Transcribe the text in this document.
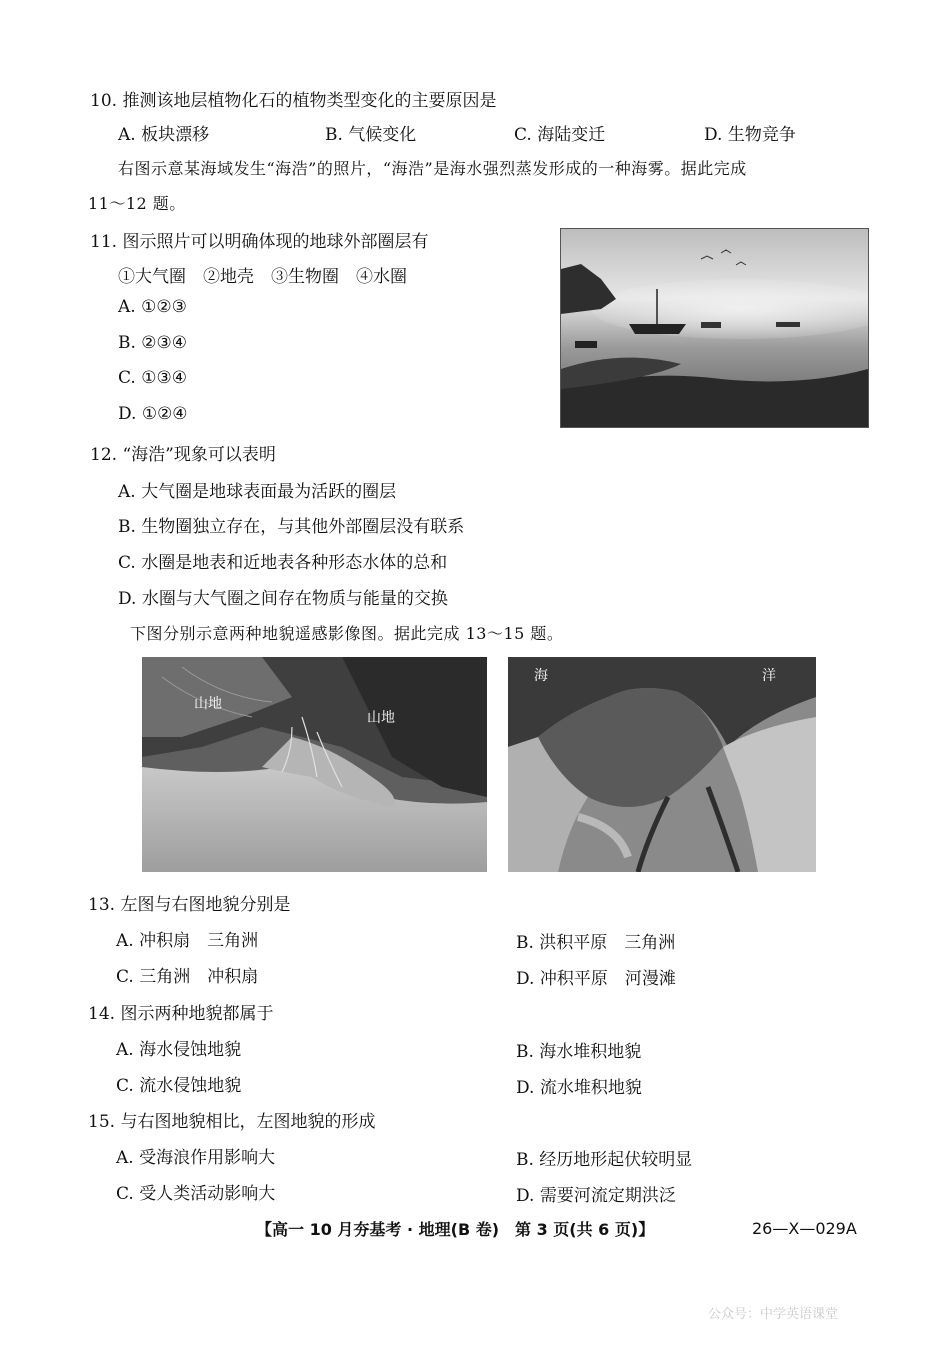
10. 推测该地层植物化石的植物类型变化的主要原因是
A. 板块漂移	B. 气候变化	C. 海陆变迁	D. 生物竞争
右图示意某海域发生“海浩”的照片，“海浩”是海水强烈蒸发形成的一种海雾。据此完成
11～12 题。
11. 图示照片可以明确体现的地球外部圈层有
①大气圈　②地壳　③生物圈　④水圈
A. ①②③
B. ②③④
C. ①③④
D. ①②④
12. “海浩”现象可以表明
A. 大气圈是地球表面最为活跃的圈层
B. 生物圈独立存在，与其他外部圈层没有联系
C. 水圈是地表和近地表各种形态水体的总和
D. 水圈与大气圈之间存在物质与能量的交换
下图分别示意两种地貌遥感影像图。据此完成 13～15 题。
山地
山地
海	洋
13. 左图与右图地貌分别是
A. 冲积扇　三角洲	B. 洪积平原　三角洲
C. 三角洲　冲积扇	D. 冲积平原　河漫滩
14. 图示两种地貌都属于
A. 海水侵蚀地貌	B. 海水堆积地貌
C. 流水侵蚀地貌	D. 流水堆积地貌
15. 与右图地貌相比，左图地貌的形成
A. 受海浪作用影响大	B. 经历地形起伏较明显
C. 受人类活动影响大	D. 需要河流定期洪泛
【高一 10 月夯基考 · 地理(B 卷)　第 3 页(共 6 页)】	26—X—029A
公众号：中学英语课堂
